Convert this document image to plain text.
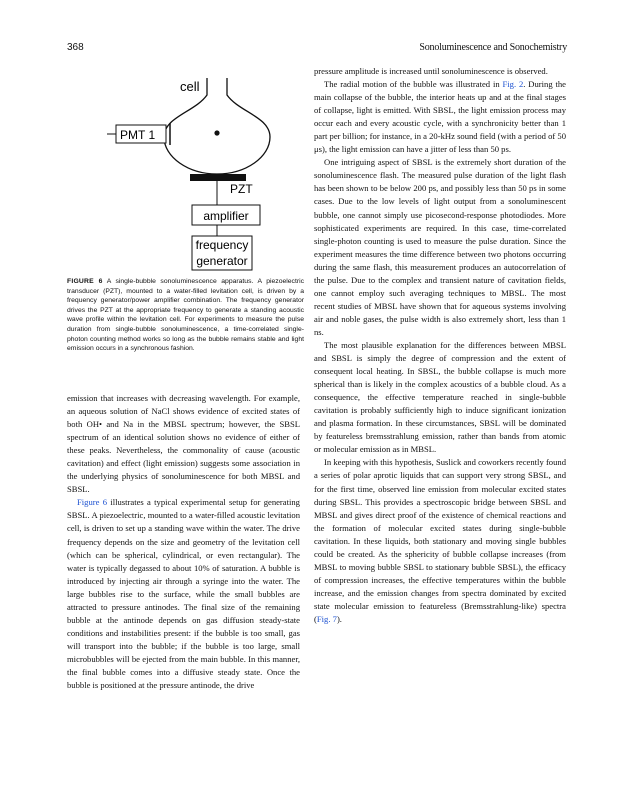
368	Sonoluminescence and Sonochemistry
cell
PZT
amplifier
frequency
generator
PMT 1
FIGURE 6 A single-bubble sonoluminescence apparatus. A piezoelectric transducer (PZT), mounted to a water-filled levitation cell, is driven by a frequency generator/power amplifier combination. The frequency generator drives the PZT at the appropriate frequency to generate a standing acoustic wave profile within the levitation cell. For experiments to measure the pulse duration from single-bubble sonoluminescence, a time-correlated single-photon counting method works so long as the bubble remains stable and light emission occurs in a synchronous fashion.

emission that increases with decreasing wavelength. For example, an aqueous solution of NaCl shows evidence of excited states of both OH• and Na in the MBSL spectrum; however, the SBSL spectrum of an identical solution shows no evidence of either of these peaks. Nevertheless, the commonality of cause (acoustic cavitation) and effect (light emission) suggests some association in the underlying physics of sonoluminescence for both MBSL and SBSL.

Figure 6 illustrates a typical experimental setup for generating SBSL. A piezoelectric, mounted to a water-filled acoustic levitation cell, is driven to set up a standing wave within the water. The drive frequency depends on the size and geometry of the levitation cell (which can be spherical, cylindrical, or even rectangular). The water is typically degassed to about 10% of saturation. A bubble is introduced by injecting air through a syringe into the water. The large bubbles rise to the surface, while the small bubbles are attracted to pressure antinodes. The final size of the remaining bubble at the antinode depends on gas diffusion steady-state conditions and instabilities present: if the bubble is too small, gas will transport into the bubble; if the bubble is too large, small microbubbles will be ejected from the main bubble. In this manner, the final bubble comes into a diffusive steady state. Once the bubble is positioned at the pressure antinode, the drive

pressure amplitude is increased until sonoluminescence is observed.

The radial motion of the bubble was illustrated in Fig. 2. During the main collapse of the bubble, the interior heats up and at the final stages of collapse, light is emitted. With SBSL, the light emission process may occur each and every acoustic cycle, with a synchronicity better than 1 part per billion; for instance, in a 20-kHz sound field (with a period of 50 μs), the light emission can have a jitter of less than 50 ps.

One intriguing aspect of SBSL is the extremely short duration of the sonoluminescence flash. The measured pulse duration of the light flash has been shown to be below 200 ps, and possibly less than 50 ps in some cases. Due to the low levels of light output from a sonoluminescent bubble, one cannot simply use picosecond-response photodiodes. More sophisticated experiments are required. In this case, time-correlated single-photon counting is used to measure the pulse duration. Since the experiment measures the time difference between two photons occurring during the same flash, this measurement produces an autocorrelation of the pulse. Due to the complex and transient nature of cavitation fields, one cannot employ such averaging techniques to MBSL. The most recent studies of MBSL have shown that for aqueous systems involving air and noble gases, the pulse width is also extremely short, less than 1 ns.

The most plausible explanation for the differences between MBSL and SBSL is simply the degree of compression and the extent of consequent local heating. In SBSL, the bubble collapse is much more spherical than is likely in the complex acoustics of a bubble cloud. As a consequence, the effective temperature reached in single-bubble cavitation is probably sufficiently high to induce significant ionization and plasma formation. In these circumstances, SBSL will be dominated by featureless bremsstrahlung emission, rather than bands from atomic or molecular emission as in MBSL.

In keeping with this hypothesis, Suslick and coworkers recently found a series of polar aprotic liquids that can support very strong SBSL, and for the first time, observed line emission from molecular excited states during SBSL. This provides a spectroscopic bridge between SBSL and MBSL and gives direct proof of the existence of chemical reactions and the formation of molecular excited states during single-bubble cavitation. In these liquids, both stationary and moving single bubbles could be created. As the sphericity of bubble collapse increases (from MBSL to moving bubble SBSL to stationary bubble SBSL), the efficacy of compression increases, the effective temperatures within the bubble increase, and the emission changes from spectra dominated by excited state molecular emission to featureless (Bremsstrahlung-like) spectra (Fig. 7).
